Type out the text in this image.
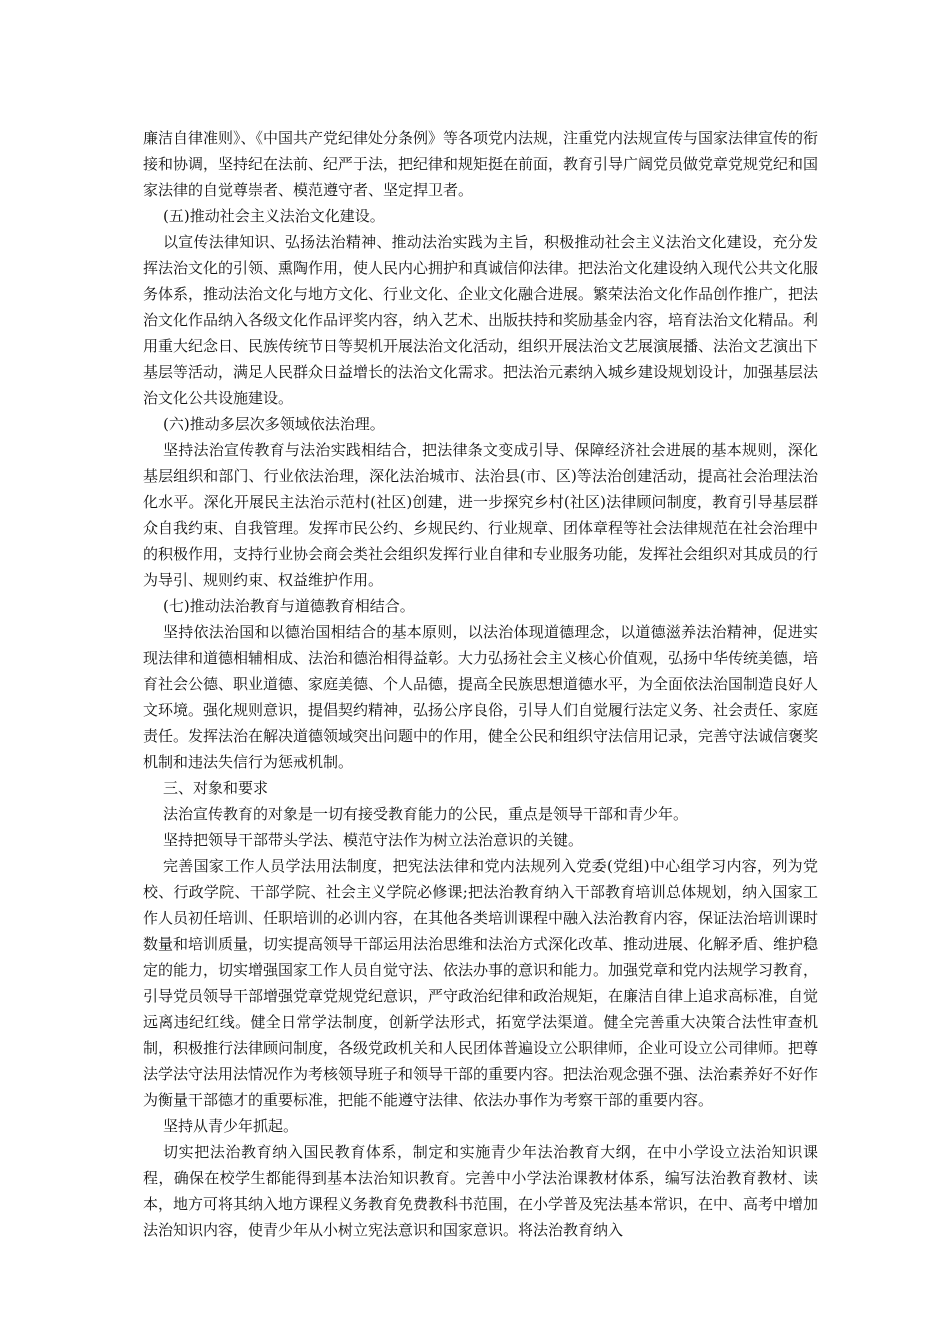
廉洁自律准则》、《中国共产党纪律处分条例》等各项党内法规，注重党内法规宣传与国家法律宣传的衔接和协调，坚持纪在法前、纪严于法，把纪律和规矩挺在前面，教育引导广阔党员做党章党规党纪和国家法律的自觉尊崇者、模范遵守者、坚定捍卫者。

(五)推动社会主义法治文化建设。

以宣传法律知识、弘扬法治精神、推动法治实践为主旨，积极推动社会主义法治文化建设，充分发挥法治文化的引领、熏陶作用，使人民内心拥护和真诚信仰法律。把法治文化建设纳入现代公共文化服务体系，推动法治文化与地方文化、行业文化、企业文化融合进展。繁荣法治文化作品创作推广，把法治文化作品纳入各级文化作品评奖内容，纳入艺术、出版扶持和奖励基金内容，培育法治文化精品。利用重大纪念日、民族传统节日等契机开展法治文化活动，组织开展法治文艺展演展播、法治文艺演出下基层等活动，满足人民群众日益增长的法治文化需求。把法治元素纳入城乡建设规划设计，加强基层法治文化公共设施建设。

(六)推动多层次多领域依法治理。

坚持法治宣传教育与法治实践相结合，把法律条文变成引导、保障经济社会进展的基本规则，深化基层组织和部门、行业依法治理，深化法治城市、法治县(市、区)等法治创建活动，提高社会治理法治化水平。深化开展民主法治示范村(社区)创建，进一步探究乡村(社区)法律顾问制度，教育引导基层群众自我约束、自我管理。发挥市民公约、乡规民约、行业规章、团体章程等社会法律规范在社会治理中的积极作用，支持行业协会商会类社会组织发挥行业自律和专业服务功能，发挥社会组织对其成员的行为导引、规则约束、权益维护作用。

(七)推动法治教育与道德教育相结合。

坚持依法治国和以德治国相结合的基本原则，以法治体现道德理念，以道德滋养法治精神，促进实现法律和道德相辅相成、法治和德治相得益彰。大力弘扬社会主义核心价值观，弘扬中华传统美德，培育社会公德、职业道德、家庭美德、个人品德，提高全民族思想道德水平，为全面依法治国制造良好人文环境。强化规则意识，提倡契约精神，弘扬公序良俗，引导人们自觉履行法定义务、社会责任、家庭责任。发挥法治在解决道德领域突出问题中的作用，健全公民和组织守法信用记录，完善守法诚信褒奖机制和违法失信行为惩戒机制。

三、对象和要求

法治宣传教育的对象是一切有接受教育能力的公民，重点是领导干部和青少年。

坚持把领导干部带头学法、模范守法作为树立法治意识的关键。

完善国家工作人员学法用法制度，把宪法法律和党内法规列入党委(党组)中心组学习内容，列为党校、行政学院、干部学院、社会主义学院必修课;把法治教育纳入干部教育培训总体规划，纳入国家工作人员初任培训、任职培训的必训内容，在其他各类培训课程中融入法治教育内容，保证法治培训课时数量和培训质量，切实提高领导干部运用法治思维和法治方式深化改革、推动进展、化解矛盾、维护稳定的能力，切实增强国家工作人员自觉守法、依法办事的意识和能力。加强党章和党内法规学习教育，引导党员领导干部增强党章党规党纪意识，严守政治纪律和政治规矩，在廉洁自律上追求高标准，自觉远离违纪红线。健全日常学法制度，创新学法形式，拓宽学法渠道。健全完善重大决策合法性审查机制，积极推行法律顾问制度，各级党政机关和人民团体普遍设立公职律师，企业可设立公司律师。把尊法学法守法用法情况作为考核领导班子和领导干部的重要内容。把法治观念强不强、法治素养好不好作为衡量干部德才的重要标准，把能不能遵守法律、依法办事作为考察干部的重要内容。

坚持从青少年抓起。

切实把法治教育纳入国民教育体系，制定和实施青少年法治教育大纲，在中小学设立法治知识课程，确保在校学生都能得到基本法治知识教育。完善中小学法治课教材体系，编写法治教育教材、读本，地方可将其纳入地方课程义务教育免费教科书范围，在小学普及宪法基本常识，在中、高考中增加法治知识内容，使青少年从小树立宪法意识和国家意识。将法治教育纳入
